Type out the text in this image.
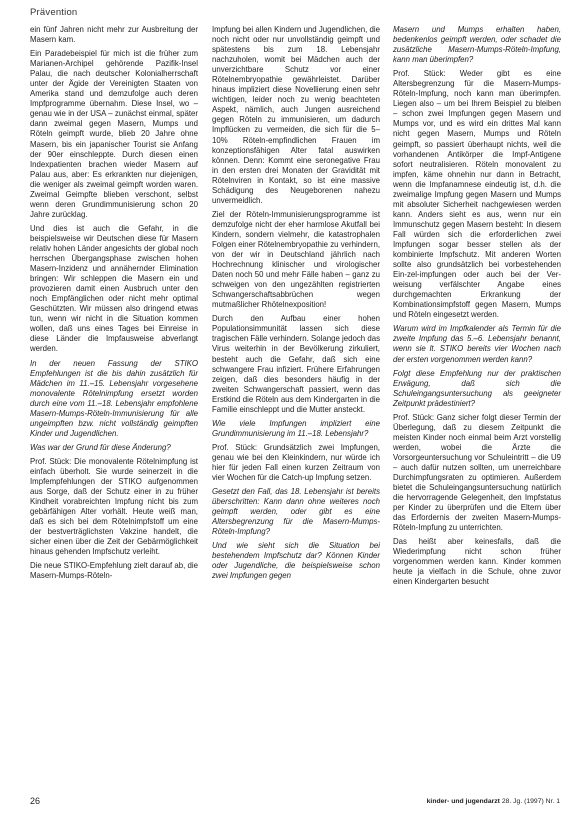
Prävention

ein fünf Jahren nicht mehr zur Ausbreitung der Masern kam.

Ein Paradebeispiel für mich ist die früher zum Marianen-Archipel gehörende Pazifik-Insel Palau, die nach deutscher Kolonialherrschaft unter der Ägide der Vereinigten Staaten von Amerika stand und demzufolge auch deren Impfprogramme übernahm. Diese Insel, wo – genau wie in der USA – zunächst einmal, später dann zweimal gegen Masern, Mumps und Röteln geimpft wurde, blieb 20 Jahre ohne Masern, bis ein japanischer Tourist sie Anfang der 90er einschleppte. Durch diesen einen Indexpatienten brachen wieder Masern auf Palau aus, aber: Es erkrankten nur diejenigen, die weniger als zweimal geimpft worden waren. Zweimal Geimpfte blieben verschont, selbst wenn deren Grundimmunisierung schon 20 Jahre zurücklag.

Und dies ist auch die Gefahr, in die beispielsweise wir Deutschen diese für Masern relativ hohen Länder angesichts der global noch herrschen Übergangsphase zwischen hohen Masern-Inzidenz und annähernder Elimination bringen: Wir schleppen die Masern ein und provozieren damit einen Ausbruch unter den noch Empfänglichen oder nicht mehr optimal Geschützten. Wir müssen also dringend etwas tun, wenn wir nicht in die Situation kommen wollen, daß uns eines Tages bei Einreise in diese Länder die Impfausweise abverlangt werden.

In der neuen Fassung der STIKO Empfehlungen ist die bis dahin zusätzlich für Mädchen im 11.–15. Lebensjahr vorgesehene monovalente Rötelnimpfung ersetzt worden durch eine vom 11.–18. Lebensjahr empfohlene Masern-Mumps-Röteln-Immunisierung für alle ungeimpften bzw. nicht vollständig geimpften Kinder und Jugendlichen.

Was war der Grund für diese Änderung?

Prof. Stück: Die monovalente Rötelnimpfung ist einfach überholt. Sie wurde seinerzeit in die Impfempfehlungen der STIKO aufgenommen aus Sorge, daß der Schutz einer in zu früher Kindheit vorabreichten Impfung nicht bis zum gebärfähigen Alter vorhält. Heute weiß man, daß es sich bei dem Rötelnimpfstoff um eine der bestverträglichsten Vakzine handelt, die sicher einen über die Zeit der Gebärmöglichkeit hinaus gehenden Impfschutz verleiht.

Die neue STIKO-Empfehlung zielt darauf ab, die Masern-Mumps-Röteln-

Impfung bei allen Kindern und Jugendlichen, die noch nicht oder nur unvollständig geimpft und spätestens bis zum 18. Lebensjahr nachzuholen, womit bei Mädchen auch der unverzichtbare Schutz vor einer Rötelnembryopathie gewährleistet. Darüber hinaus impliziert diese Novellierung einen sehr wichtigen, leider noch zu wenig beachteten Aspekt, nämlich, auch Jungen ausreichend gegen Röteln zu immunisieren, um dadurch Impflücken zu vermeiden, die sich für die 5–10% Röteln-empfindlichen Frauen im konzeptionsfähigen Alter fatal auswirken können. Denn: Kommt eine seronegative Frau in den ersten drei Monaten der Gravidität mit Rötelnviren in Kontakt, so ist eine massive Schädigung des Neugeborenen nahezu unvermeidlich.

Ziel der Röteln-Immunisierungsprogramme ist demzufolge nicht der eher harmlose Akutfall bei Kindern, sondern vielmehr, die katastrophalen Folgen einer Rötelnembryopathie zu verhindern, von der wir in Deutschland jährlich nach Hochrechnung klinischer und virologischer Daten noch 50 und mehr Fälle haben – ganz zu schweigen von den ungezählten registrierten Schwangerschaftsabbrüchen wegen mutmaßlicher Rhötelnexposition!

Durch den Aufbau einer hohen Populationsimmunität lassen sich diese tragischen Fälle verhindern. Solange jedoch das Virus weiterhin in der Bevölkerung zirkuliert, besteht auch die Gefahr, daß sich eine schwangere Frau infiziert. Frühere Erfahrungen zeigen, daß dies besonders häufig in der zweiten Schwangerschaft passiert, wenn das Erstkind die Röteln aus dem Kindergarten in die Familie einschleppt und die Mutter ansteckt.

Wie viele Impfungen impliziert eine Grundimmunisierung im 11.–18. Lebensjahr?

Prof. Stück: Grundsätzlich zwei Impfungen, genau wie bei den Kleinkindern, nur würde ich hier für jeden Fall einen kurzen Zeitraum von vier Wochen für die Catch-up Impfung setzen.

Gesetzt den Fall, das 18. Lebensjahr ist bereits überschritten: Kann dann ohne weiteres noch geimpft werden, oder gibt es eine Altersbegrenzung für die Masern-Mumps-Röteln-Impfung?

Und wie sieht sich die Situation bei bestehendem Impfschutz dar? Können Kinder oder Jugendliche, die beispielsweise schon zwei Impfungen gegen

Masern und Mumps erhalten haben, bedenkenlos geimpft werden, oder schadet die zusätzliche Masern-Mumps-Röteln-Impfung, kann man überimpfen?

Prof. Stück: Weder gibt es eine Altersbegrenzung für die Masern-Mumps-Röteln-Impfung, noch kann man überimpfen. Liegen also – um bei Ihrem Beispiel zu bleiben – schon zwei Impfungen gegen Masern und Mumps vor, und es wird ein drittes Mal kann nicht gegen Masern, Mumps und Röteln geimpft, so passiert überhaupt nichts, weil die vorhandenen Antikörper die Impf-Antigene sofort neutralisieren. Röteln monovalent zu impfen, käme ohnehin nur dann in Betracht, wenn die Impfanamnese eindeutig ist, d.h. die zweimalige Impfung gegen Masern und Mumps mit absoluter Sicherheit nachgewiesen werden kann. Anders sieht es aus, wenn nur ein Immunschutz gegen Masern besteht: In diesem Fall würden sich die erforderlichen zwei Impfungen sogar besser stellen als der kombinierte Impfschutz. Mit anderen Worten sollte also grundsätzlich bei vorbestehenden Ein-zel-impfungen oder auch bei der Ver-weisung verfälschter Angabe eines durchgemachten Erkrankung der Kombinationsimpfstoff gegen Masern, Mumps und Röteln eingesetzt werden.

Warum wird im Impfkalender als Termin für die zweite Impfung das 5.–6. Lebensjahr benannt, wenn sie lt. STIKO bereits vier Wochen nach der ersten vorgenommen werden kann?

Folgt diese Empfehlung nur der praktischen Erwägung, daß sich die Schuleingangsuntersuchung als geeigneter Zeitpunkt prädestiniert?

Prof. Stück: Ganz sicher folgt dieser Termin der Überlegung, daß zu diesem Zeitpunkt die meisten Kinder noch einmal beim Arzt vorstellig werden, wobei die Ärzte die Vorsorgeuntersuchung vor Schuleintritt – die U9 – auch dafür nutzen sollten, um unerreichbare Durchimpfungsraten zu optimieren. Außerdem bietet die Schuleingangsuntersuchung natürlich die hervorragende Gelegenheit, den Impfstatus per Kinder zu überprüfen und die Eltern über das Erfordernis der zweiten Masern-Mumps-Röteln-Impfung zu unterrichten.

Das heißt aber keinesfalls, daß die Wiederimpfung nicht schon früher vorgenommen werden kann. Kinder kommen heute ja vielfach in die Schule, ohne zuvor einen Kindergarten besucht

26	kinder- und jugendarzt 28. Jg. (1997) Nr. 1
